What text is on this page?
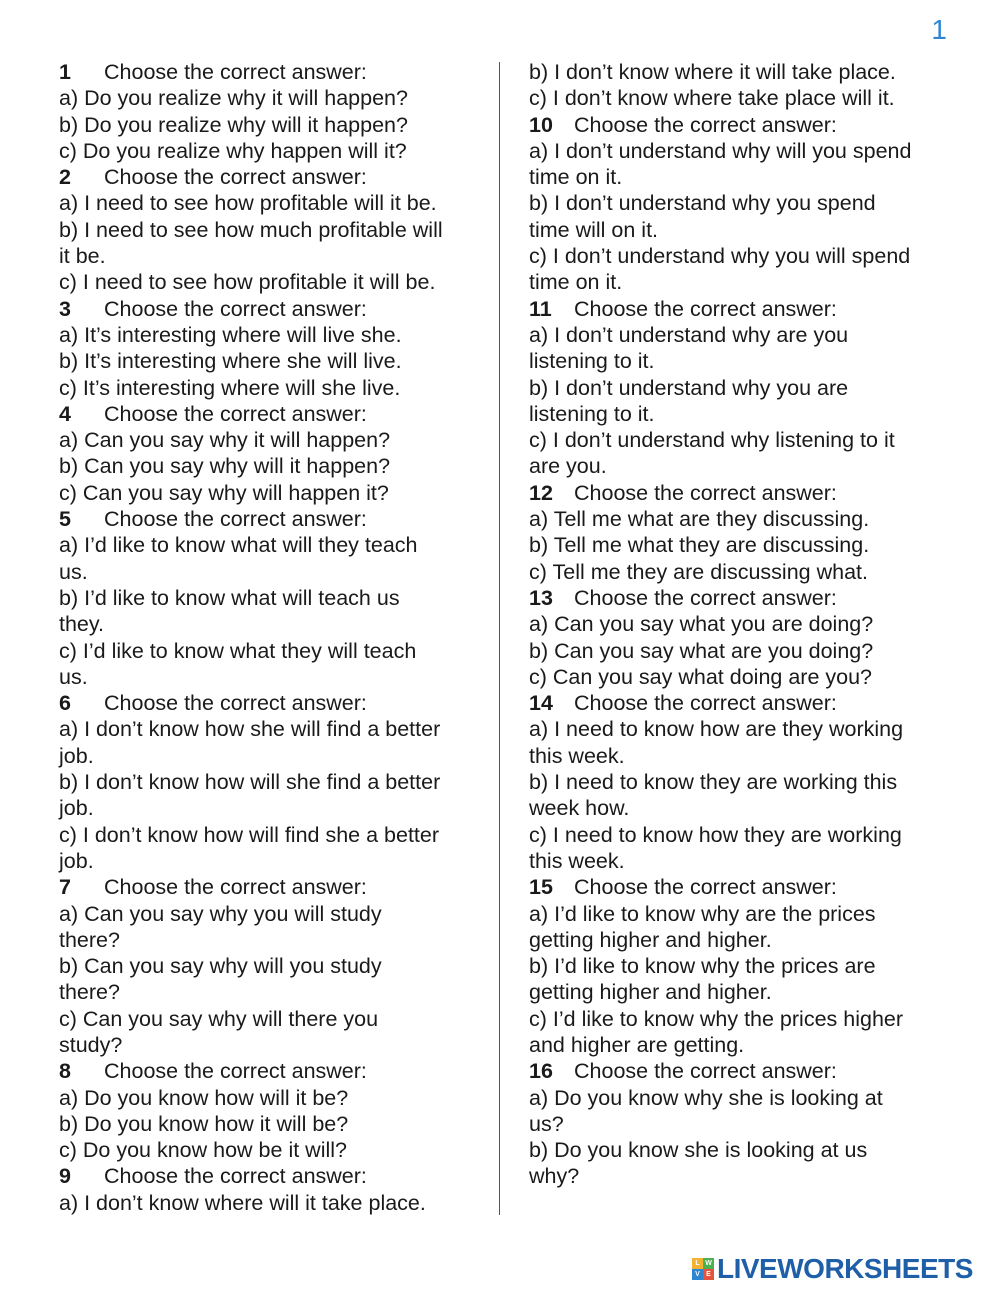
1
1 Choose the correct answer:
a) Do you realize why it will happen?
b) Do you realize why will it happen?
c) Do you realize why happen will it?
2 Choose the correct answer:
a) I need to see how profitable will it be.
b) I need to see how much profitable will
it be.
c) I need to see how profitable it will be.
3 Choose the correct answer:
a) It’s interesting where will live she.
b) It’s interesting where she will live.
c) It’s interesting where will she live.
4 Choose the correct answer:
a) Can you say why it will happen?
b) Can you say why will it happen?
c) Can you say why will happen it?
5 Choose the correct answer:
a) I’d like to know what will they teach
us.
b) I’d like to know what will teach us
they.
c) I’d like to know what they will teach
us.
6 Choose the correct answer:
a) I don’t know how she will find a better
job.
b) I don’t know how will she find a better
job.
c) I don’t know how will find she a better
job.
7 Choose the correct answer:
a) Can you say why you will study
there?
b) Can you say why will you study
there?
c) Can you say why will there you
study?
8 Choose the correct answer:
a) Do you know how will it be?
b) Do you know how it will be?
c) Do you know how be it will?
9 Choose the correct answer:
a) I don’t know where will it take place.
b) I don’t know where it will take place.
c) I don’t know where take place will it.
10 Choose the correct answer:
a) I don’t understand why will you spend
time on it.
b) I don’t understand why you spend
time will on it.
c) I don’t understand why you will spend
time on it.
11 Choose the correct answer:
a) I don’t understand why are you
listening to it.
b) I don’t understand why you are
listening to it.
c) I don’t understand why listening to it
are you.
12 Choose the correct answer:
a) Tell me what are they discussing.
b) Tell me what they are discussing.
c) Tell me they are discussing what.
13 Choose the correct answer:
a) Can you say what you are doing?
b) Can you say what are you doing?
c) Can you say what doing are you?
14 Choose the correct answer:
a) I need to know how are they working
this week.
b) I need to know they are working this
week how.
c) I need to know how they are working
this week.
15 Choose the correct answer:
a) I’d like to know why are the prices
getting higher and higher.
b) I’d like to know why the prices are
getting higher and higher.
c) I’d like to know why the prices higher
and higher are getting.
16 Choose the correct answer:
a) Do you know why she is looking at
us?
b) Do you know she is looking at us
why?
L W
V E LIVEWORKSHEETS
